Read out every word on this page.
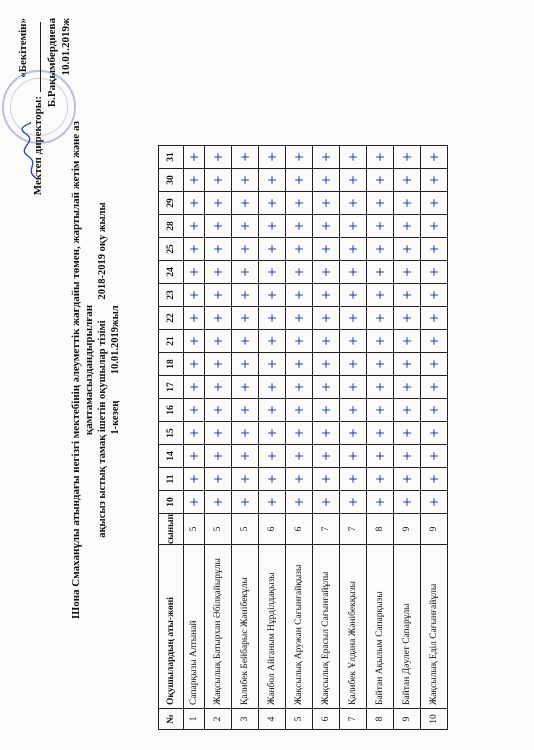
«Бекітемін»
Мектеп директоры:
Б.Рақымбердиева 10.01.2019ж
Шона Смаханұлы атындағы негізгі мектебінің әлеуметтік жағдайы төмен, жартылай жетім және аз қамтамасыздандырылған ақысыз ыстық тамақ ішетін оқушылар тізімі        2018-2019 оқу жылы
1-кезең          10.01.2019жыл
№	Оқушылардың аты-жөні	сынып	10	11	14	15	16	17	18	21	22	23	24	25	28	29	30	31
1	Сапарқызы Алтынай	5	+	+	+	+	+	+	+	+	+	+	+	+	+	+	+	+
2	Жақсылық Батырхан Әбілқайырұлы	5	+	+	+	+	+	+	+	+	+	+	+	+	+	+	+	+
3	Қалибек Бейбарыс Жәнібекұлы	5	+	+	+	+	+	+	+	+	+	+	+	+	+	+	+	+
4	Жанбол Айганым Нұрділдақызы	6	+	+	+	+	+	+	+	+	+	+	+	+	+	+	+	+
5	Жақсылық Аружан Сағынғайқызы	6	+	+	+	+	+	+	+	+	+	+	+	+	+	+	+	+
6	Жақсылық Ерасыл Сағынғайұлы	7	+	+	+	+	+	+	+	+	+	+	+	+	+	+	+	+
7	Қалибек Ұлдана Жәнібекқызы	7	+	+	+	+	+	+	+	+	+	+	+	+	+	+	+	+
8	Байтан Ақылым Сапарқызы	8	+	+	+	+	+	+	+	+	+	+	+	+	+	+	+	+
9	Байтан Дәулет Сапарұлы	9	+	+	+	+	+	+	+	+	+	+	+	+	+	+	+	+
10	Жақсылық Еділ Сағынғайұлы	9	+	+	+	+	+	+	+	+	+	+	+	+	+	+	+	+
